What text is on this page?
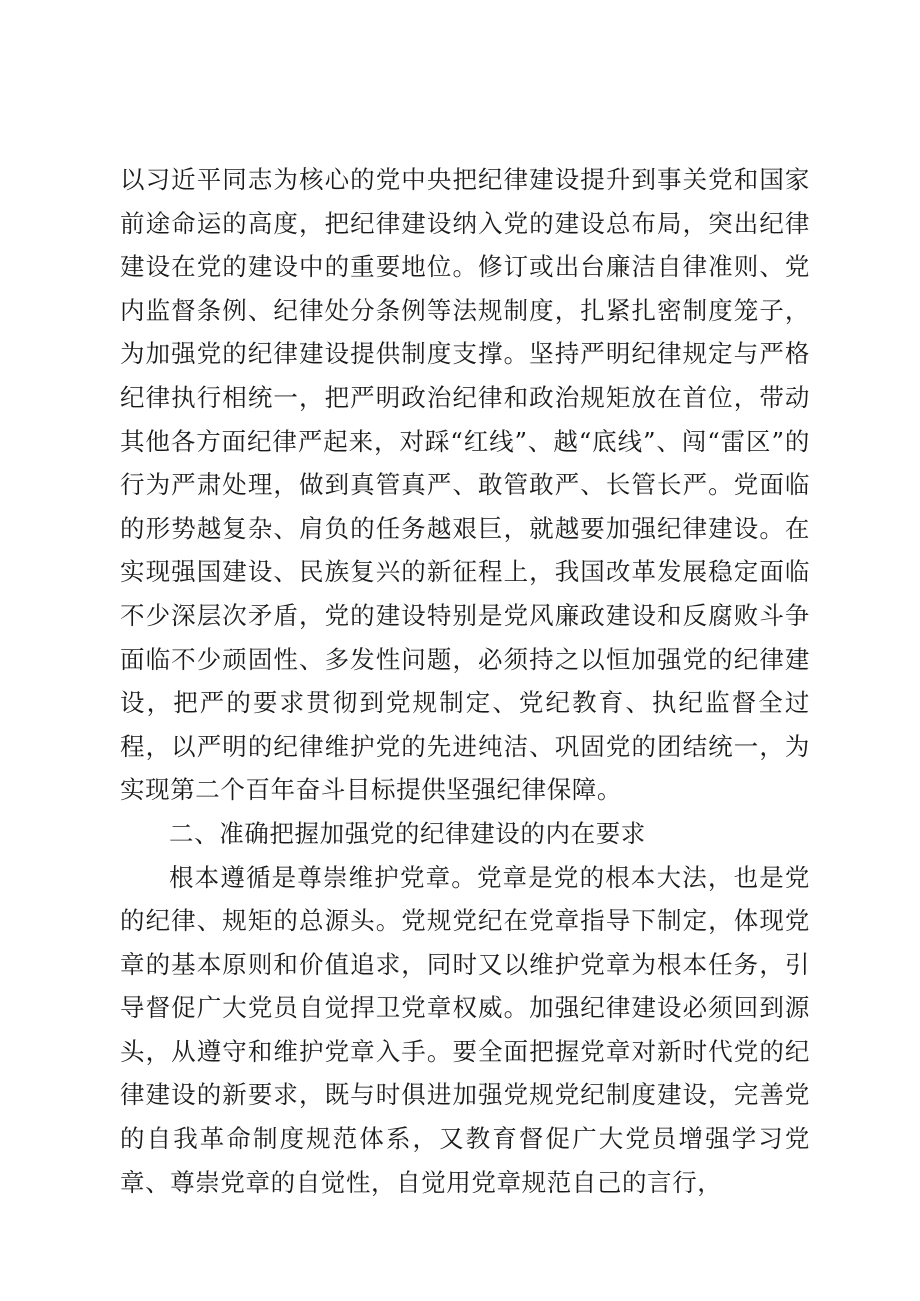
以习近平同志为核心的党中央把纪律建设提升到事关党和国家前途命运的高度，把纪律建设纳入党的建设总布局，突出纪律建设在党的建设中的重要地位。修订或出台廉洁自律准则、党内监督条例、纪律处分条例等法规制度，扎紧扎密制度笼子，为加强党的纪律建设提供制度支撑。坚持严明纪律规定与严格纪律执行相统一，把严明政治纪律和政治规矩放在首位，带动其他各方面纪律严起来，对踩“红线”、越“底线”、闯“雷区”的行为严肃处理，做到真管真严、敢管敢严、长管长严。党面临的形势越复杂、肩负的任务越艰巨，就越要加强纪律建设。在实现强国建设、民族复兴的新征程上，我国改革发展稳定面临不少深层次矛盾，党的建设特别是党风廉政建设和反腐败斗争面临不少顽固性、多发性问题，必须持之以恒加强党的纪律建设，把严的要求贯彻到党规制定、党纪教育、执纪监督全过程，以严明的纪律维护党的先进纯洁、巩固党的团结统一，为实现第二个百年奋斗目标提供坚强纪律保障。

二、准确把握加强党的纪律建设的内在要求

根本遵循是尊崇维护党章。党章是党的根本大法，也是党的纪律、规矩的总源头。党规党纪在党章指导下制定，体现党章的基本原则和价值追求，同时又以维护党章为根本任务，引导督促广大党员自觉捍卫党章权威。加强纪律建设必须回到源头，从遵守和维护党章入手。要全面把握党章对新时代党的纪律建设的新要求，既与时俱进加强党规党纪制度建设，完善党的自我革命制度规范体系，又教育督促广大党员增强学习党章、尊崇党章的自觉性，自觉用党章规范自己的言行，
